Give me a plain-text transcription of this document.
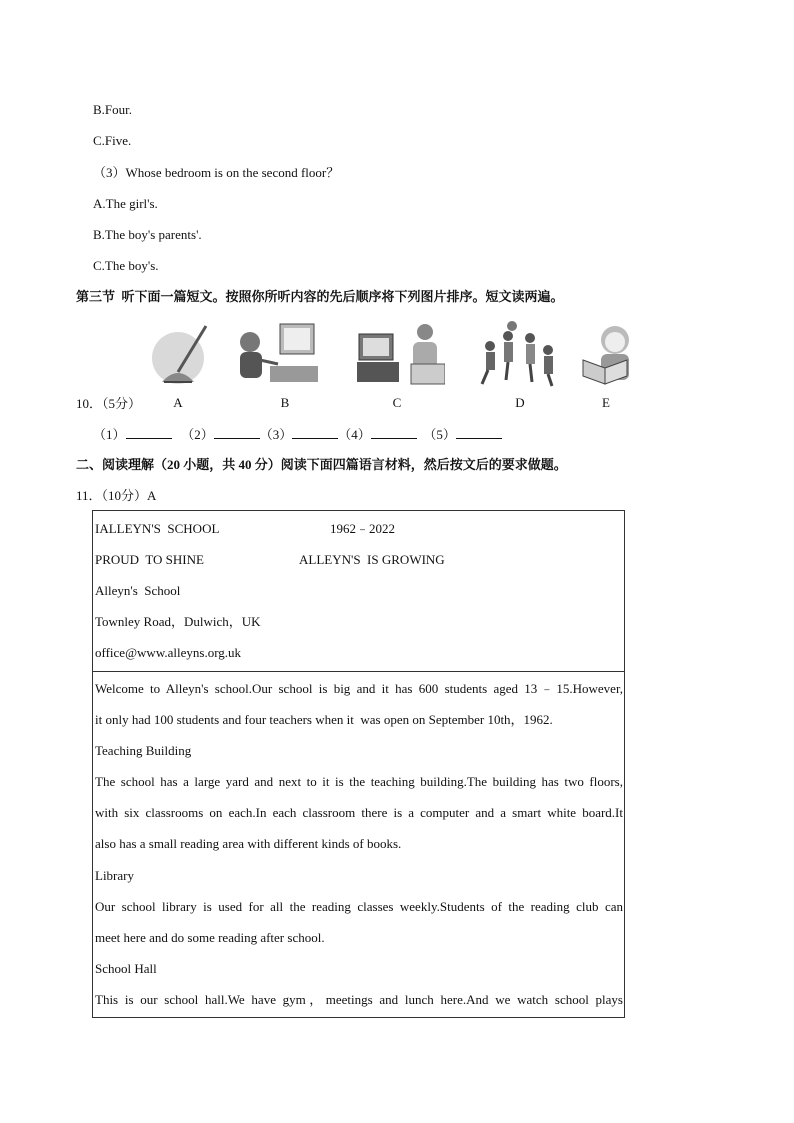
B.Four.
C.Five.
（3）Whose bedroom is on the second floor？
A.The girl's.
B.The boy's parents'.
C.The boy's.
第三节  听下面一篇短文。按照你所听内容的先后顺序将下列图片排序。短文读两遍。
A	B	C	D	E
10．（5分）
（1）	（2）	（3）	（4）	（5）
二、阅读理解（20 小题，共 40 分）阅读下面四篇语言材料，然后按文后的要求做题。
11．（10分）A
IALLEYN'S  SCHOOL	1962﹣2022
PROUD  TO SHINE	ALLEYN'S  IS GROWING
Alleyn's  School
Townley Road，Dulwich，UK
office@www.alleyns.org.uk
Welcome to Alleyn's school.Our school is big and it has 600 students aged 13﹣15.However,
it only had 100 students and four teachers when it  was open on September 10th，1962.
Teaching Building
The school has a large yard and next to it is the teaching building.The building has two floors,
with six classrooms on each.In each classroom there is a computer and a smart white board.It
also has a small reading area with different kinds of books.
Library
Our school library is used for all the reading classes weekly.Students of the reading club can
meet here and do some reading after school.
School Hall
This is our school hall.We have gym，meetings and lunch here.And we watch school plays
